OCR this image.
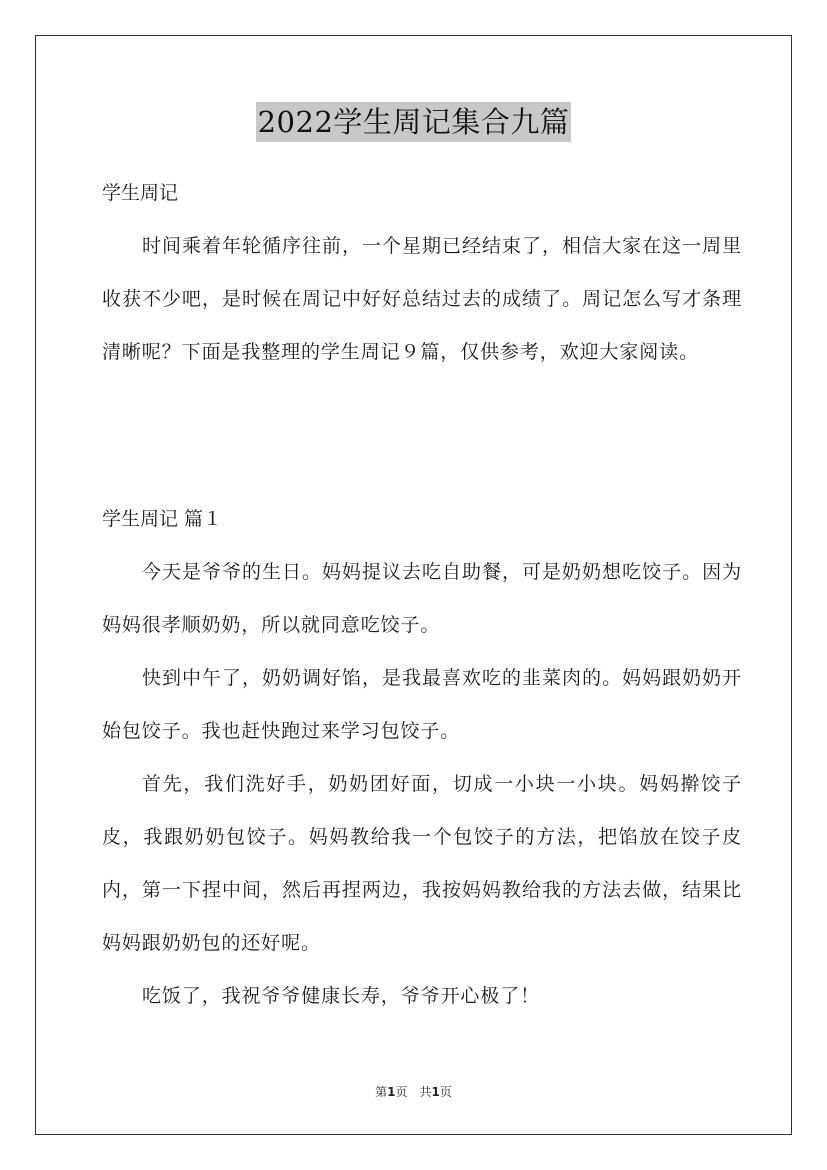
2022学生周记集合九篇
学生周记
时间乘着年轮循序往前，一个星期已经结束了，相信大家在这一周里收获不少吧，是时候在周记中好好总结过去的成绩了。周记怎么写才条理清晰呢？下面是我整理的学生周记９篇，仅供参考，欢迎大家阅读。
学生周记 篇１
今天是爷爷的生日。妈妈提议去吃自助餐，可是奶奶想吃饺子。因为妈妈很孝顺奶奶，所以就同意吃饺子。
快到中午了，奶奶调好馅，是我最喜欢吃的韭菜肉的。妈妈跟奶奶开始包饺子。我也赶快跑过来学习包饺子。
首先，我们洗好手，奶奶团好面，切成一小块一小块。妈妈擀饺子皮，我跟奶奶包饺子。妈妈教给我一个包饺子的方法，把馅放在饺子皮内，第一下捏中间，然后再捏两边，我按妈妈教给我的方法去做，结果比妈妈跟奶奶包的还好呢。
吃饭了，我祝爷爷健康长寿，爷爷开心极了！
第1页　共1页
